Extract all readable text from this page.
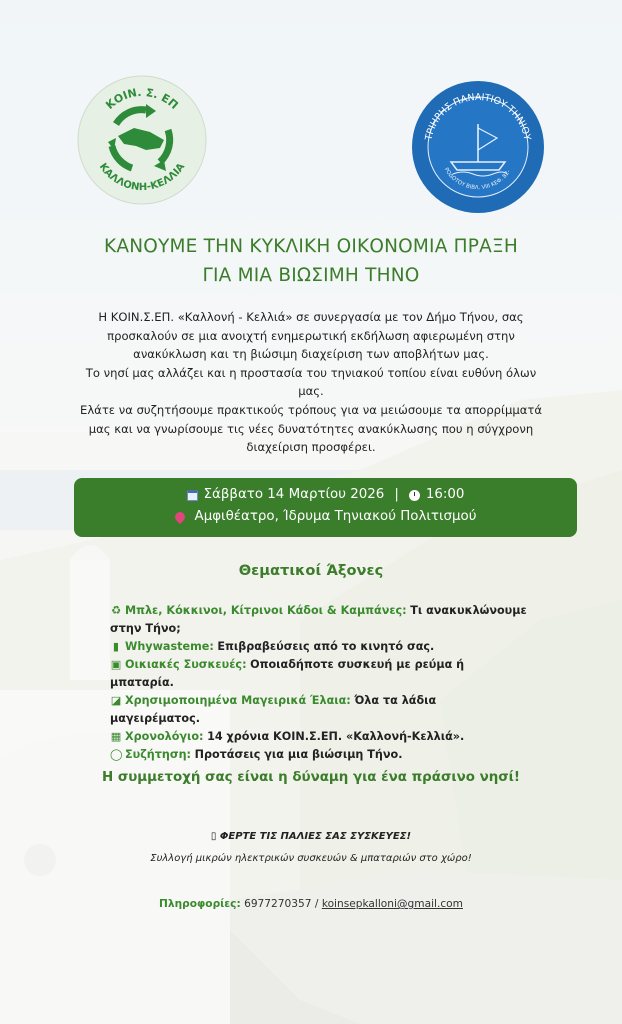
ΚΟΙΝ. Σ. ΕΠ
ΚΑΛΛΟΝΗ-ΚΕΛΛΙΑ
ΤΡΙΗΡΗΣ ΠΑΝΑΙΤΙΟΥ ΤΗΝΙΟΥ
ΡΟΔΟΤΟΥ ΒΙΒΛ. VIII ΚΕΦ. 82-
ΚΑΝΟΥΜΕ ΤΗΝ ΚΥΚΛΙΚΗ ΟΙΚΟΝΟΜΙΑ ΠΡΑΞΗ
ΓΙΑ ΜΙΑ ΒΙΩΣΙΜΗ ΤΗΝΟ

Η ΚΟΙΝ.Σ.ΕΠ. «Καλλονή - Κελλιά» σε συνεργασία με τον Δήμο Τήνου, σας προσκαλούν σε μια ανοιχτή ενημερωτική εκδήλωση αφιερωμένη στην ανακύκλωση και τη βιώσιμη διαχείριση των αποβλήτων μας.

Το νησί μας αλλάζει και η προστασία του τηνιακού τοπίου είναι ευθύνη όλων μας.

Ελάτε να συζητήσουμε πρακτικούς τρόπους για να μειώσουμε τα απορρίμματά μας και να γνωρίσουμε τις νέες δυνατότητες ανακύκλωσης που η σύγχρονη διαχείριση προσφέρει.

Σάββατο 14 Μαρτίου 2026 | 16:00
Αμφιθέατρο, Ίδρυμα Τηνιακού Πολιτισμού
Θεματικοί Άξονες
♻ Μπλε, Κόκκινοι, Κίτρινοι Κάδοι & Καμπάνες: Τι ανακυκλώνουμε στην Τήνο;
▮ Whywasteme: Επιβραβεύσεις από το κινητό σας.
▣ Οικιακές Συσκευές: Οποιαδήποτε συσκευή με ρεύμα ή μπαταρία.
◪ Χρησιμοποιημένα Μαγειρικά Έλαια: Όλα τα λάδια μαγειρέματος.
▦ Χρονολόγιο: 14 χρόνια ΚΟΙΝ.Σ.ΕΠ. «Καλλονή-Κελλιά».
◯ Συζήτηση: Προτάσεις για μια βιώσιμη Τήνο.
Η συμμετοχή σας είναι η δύναμη για ένα πράσινο νησί!
▯ ΦΕΡΤΕ ΤΙΣ ΠΑΛΙΕΣ ΣΑΣ ΣΥΣΚΕΥΕΣ!
Συλλογή μικρών ηλεκτρικών συσκευών & μπαταριών στο χώρο!
Πληροφορίες: 6977270357 / koinsepkalloni@gmail.com
